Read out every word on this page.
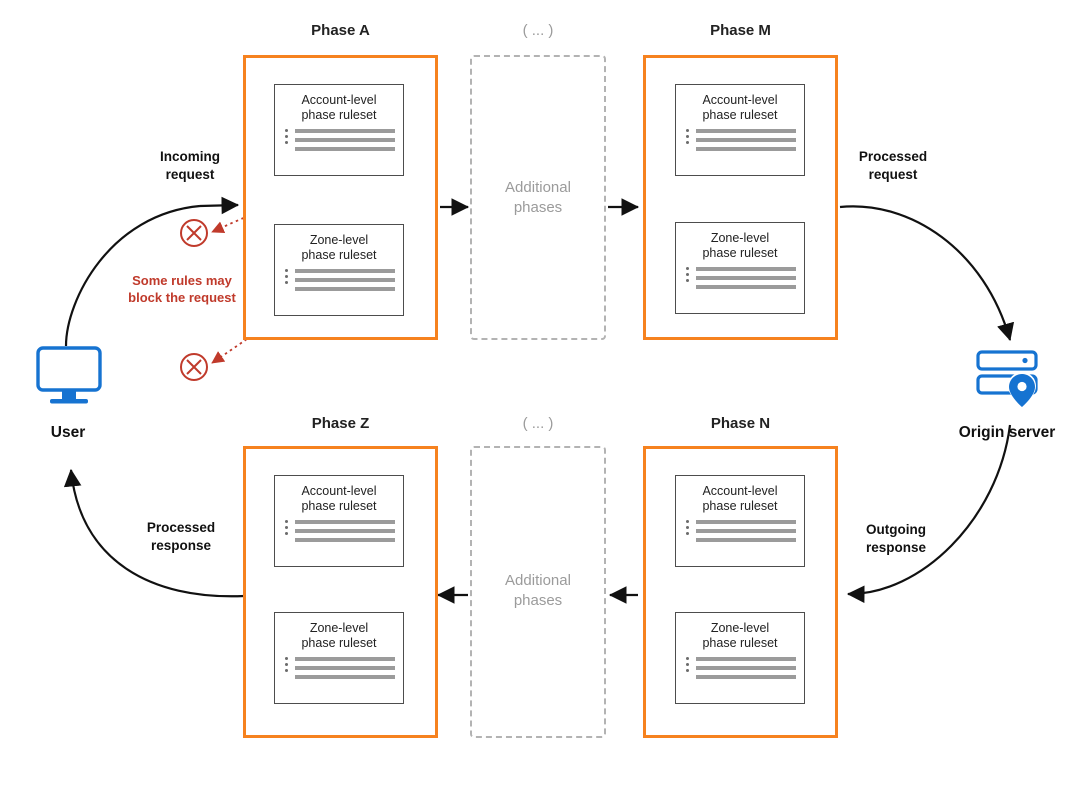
Phase A
Account-level
phase ruleset
Zone-level
phase ruleset
( ... )
Additional
phases
Phase M
Account-level
phase ruleset
Zone-level
phase ruleset
Phase Z
Account-level
phase ruleset
Zone-level
phase ruleset
( ... )
Additional
phases
Phase N
Account-level
phase ruleset
Zone-level
phase ruleset
Incoming
request
Processed
request
Outgoing
response
Processed
response
Some rules may block the request
User	Origin server
